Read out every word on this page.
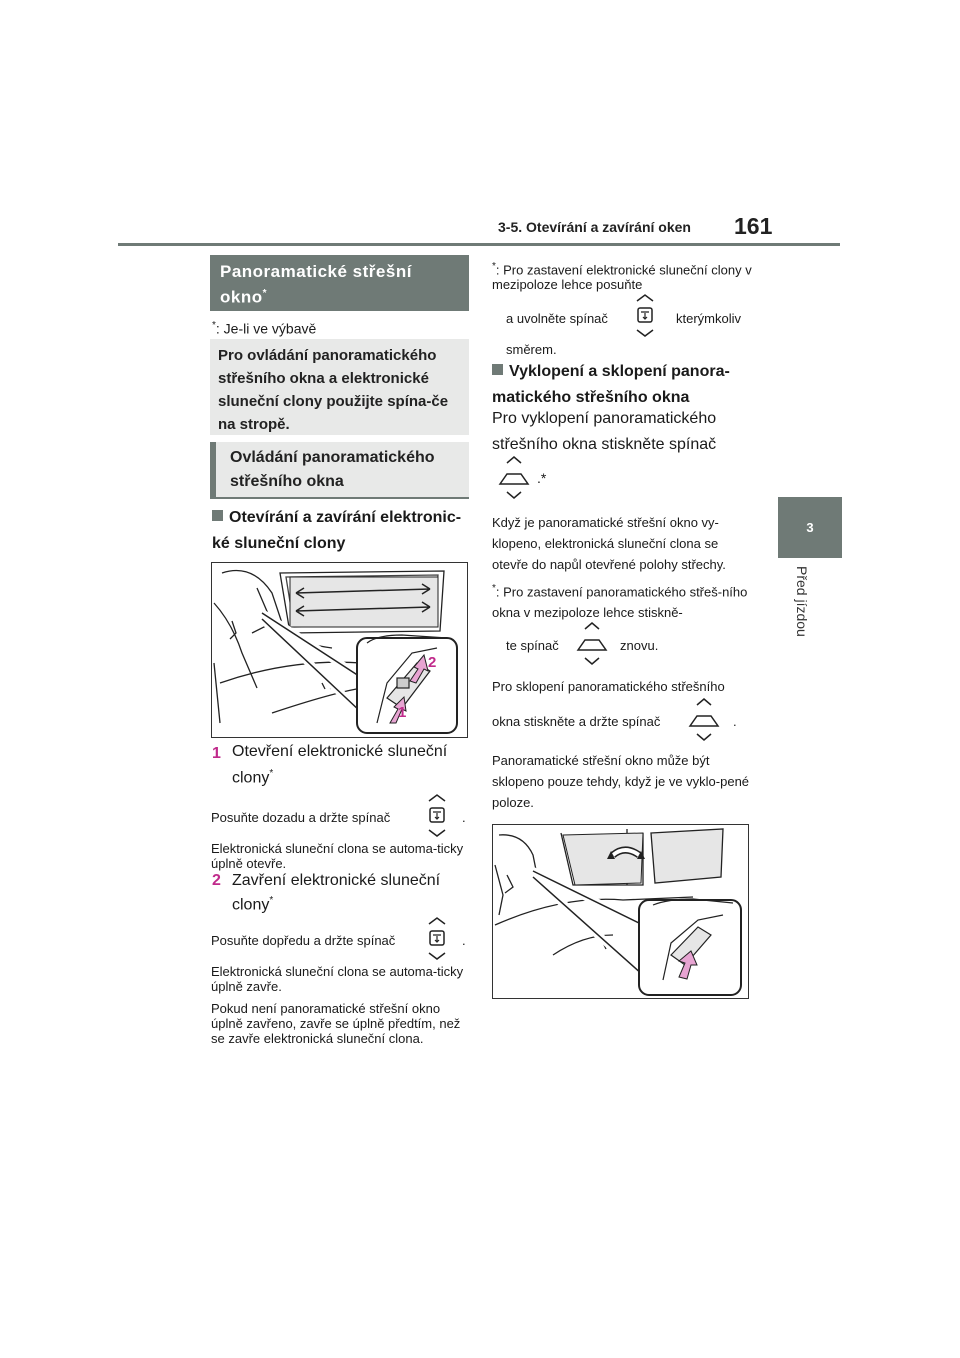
3-5. Otevírání a zavírání oken 161
3
Před jízdou
Panoramatické střešní okno*
*: Je-li ve výbavě
Pro ovládání panoramatického střešního okna a elektronické sluneční clony použijte spína-če na stropě.
Ovládání panoramatického střešního okna
Otevírání a zavírání elektronic-ké sluneční clony
2
1
1 Otevření elektronické sluneční clony*
Posuňte dozadu a držte spínač	.
Elektronická sluneční clona se automa-ticky úplně otevře.
2 Zavření elektronické sluneční clony*
Posuňte dopředu a držte spínač	.
Elektronická sluneční clona se automa-ticky úplně zavře.
Pokud není panoramatické střešní okno úplně zavřeno, zavře se úplně předtím, než se zavře elektronická sluneční clona.
*: Pro zastavení elektronické sluneční clony v mezipoloze lehce posuňte
a uvolněte spínač	kterýmkoliv
směrem.
Vyklopení a sklopení panora-matického střešního okna
Pro vyklopení panoramatického střešního okna stiskněte spínač
.*
Když je panoramatické střešní okno vy-klopeno, elektronická sluneční clona se otevře do napůl otevřené polohy střechy.
*: Pro zastavení panoramatického střeš-ního okna v mezipoloze lehce stiskně-
te spínač	znovu.
Pro sklopení panoramatického střešního
okna stiskněte a držte spínač	.
Panoramatické střešní okno může být sklopeno pouze tehdy, když je ve vyklo-pené poloze.
